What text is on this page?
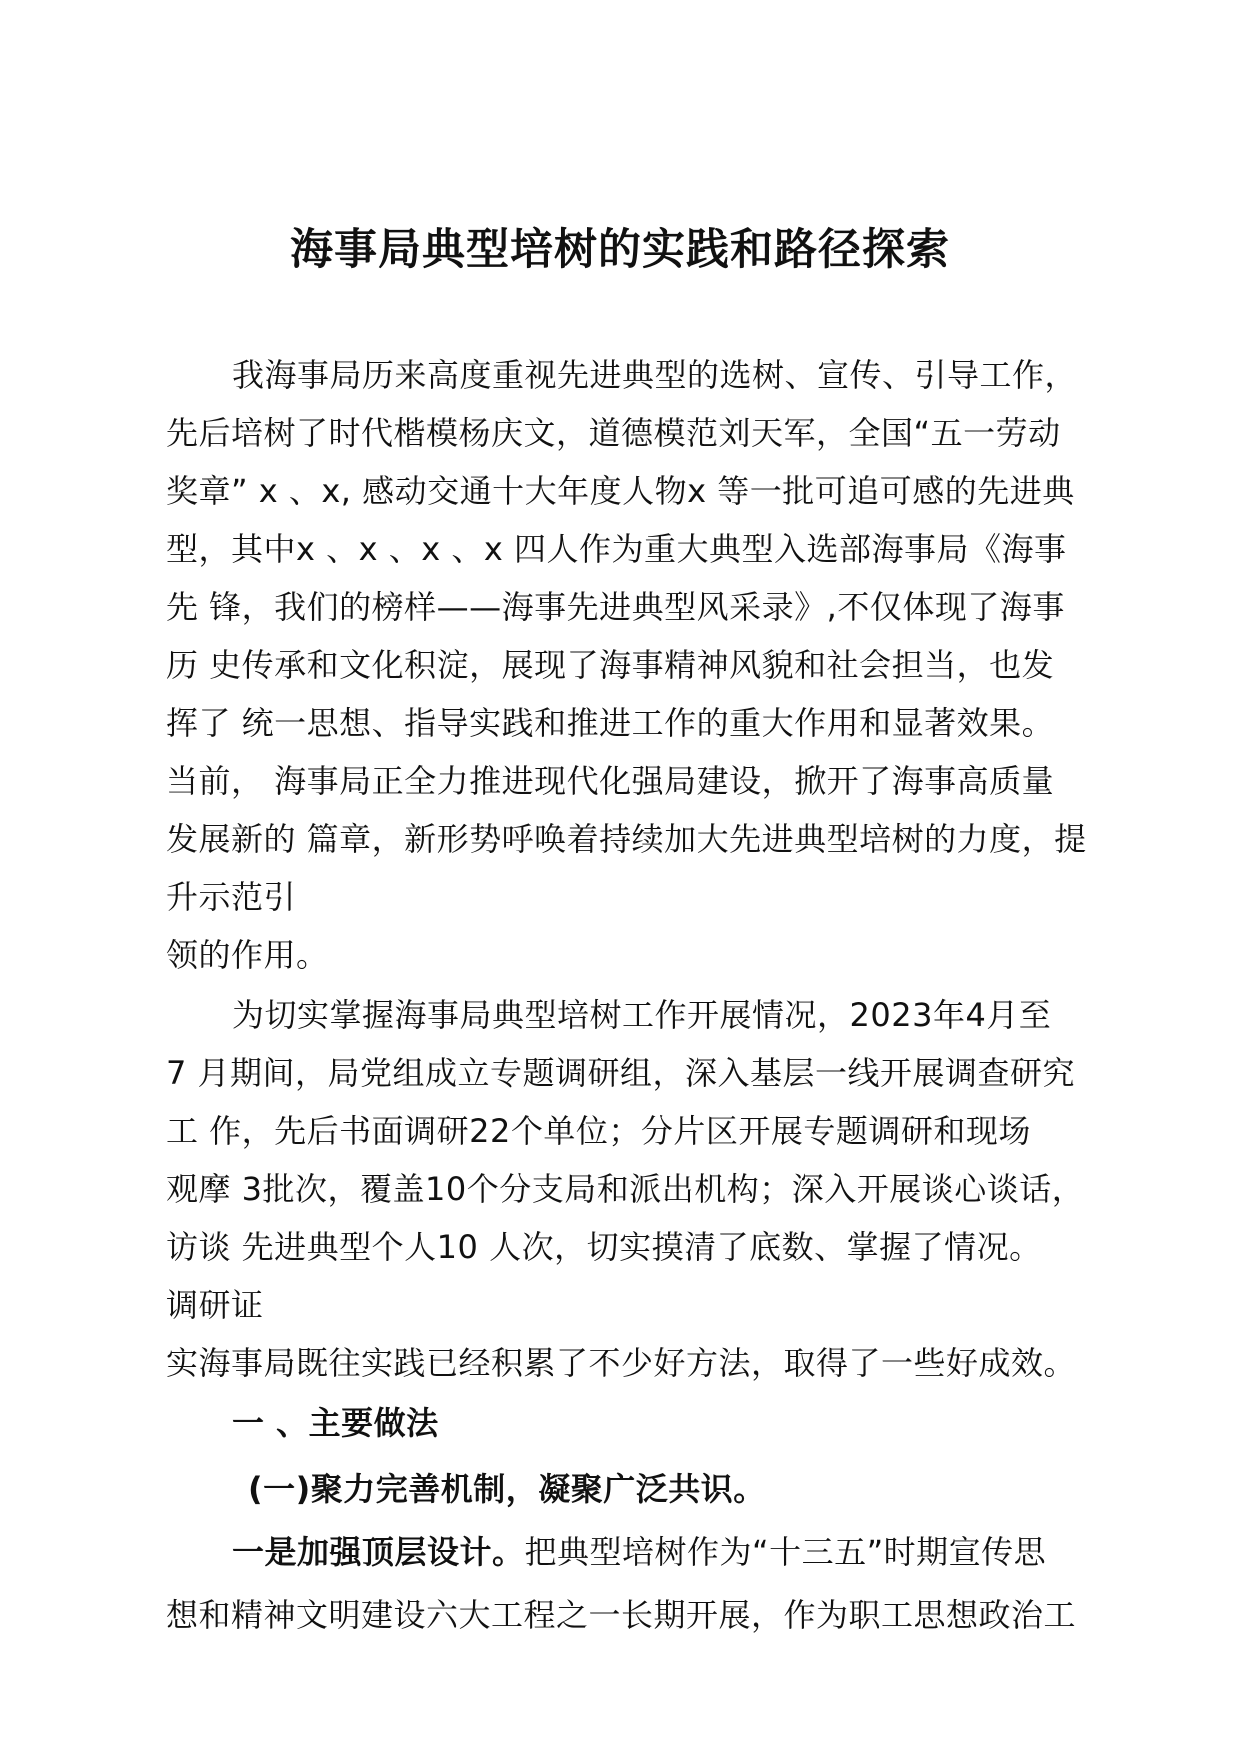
海事局典型培树的实践和路径探索
我海事局历来高度重视先进典型的选树、宣传、引导工作，
先后培树了时代楷模杨庆文，道德模范刘天军，全国“五一劳动
奖章” x 、x, 感动交通十大年度人物x 等一批可追可感的先进典
型，其中x 、x 、x 、x 四人作为重大典型入选部海事局《海事
先 锋，我们的榜样——海事先进典型风采录》,不仅体现了海事
历 史传承和文化积淀，展现了海事精神风貌和社会担当，也发
挥了 统一思想、指导实践和推进工作的重大作用和显著效果。
当前， 海事局正全力推进现代化强局建设，掀开了海事高质量
发展新的 篇章，新形势呼唤着持续加大先进典型培树的力度，提
升示范引
领的作用。
为切实掌握海事局典型培树工作开展情况，2023年4月至
7 月期间，局党组成立专题调研组，深入基层一线开展调查研究
工 作，先后书面调研22个单位；分片区开展专题调研和现场
观摩 3批次，覆盖10个分支局和派出机构；深入开展谈心谈话，
访谈 先进典型个人10 人次，切实摸清了底数、掌握了情况。
调研证
实海事局既往实践已经积累了不少好方法，取得了一些好成效。
一 、主要做法
(一)聚力完善机制，凝聚广泛共识。
一是加强顶层设计。把典型培树作为“十三五”时期宣传思
想和精神文明建设六大工程之一长期开展，作为职工思想政治工
